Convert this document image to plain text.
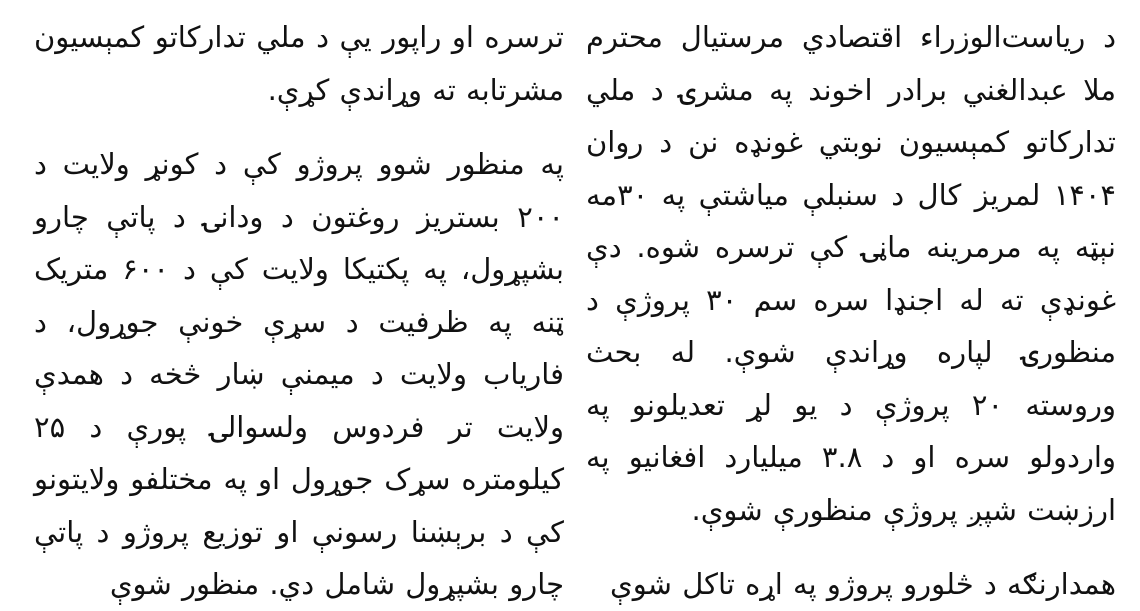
د ریاست‌الوزراء اقتصادي مرستیال محترم ملا عبدالغني برادر اخوند په مشرۍ د ملي تدارکاتو کمېسیون نوبتي غونډه نن د روان ۱۴۰۴ لمریز کال د سنبلې میاشتې په ۳۰مه نېټه په مرمرینه ماڼۍ کې ترسره شوه. دې غونډې ته له اجنډا سره سم ۳۰ پروژې د منظورۍ لپاره وړاندې شوې. له بحث وروسته ۲۰ پروژې د یو لړ تعدیلونو په واردولو سره او د ۳.۸ میلیارد افغانیو په ارزښت شپږ پروژې منظورې شوې.

همدارنګه د څلورو پروژو په اړه تاکل شوې

ترسره او راپور یې د ملي تدارکاتو کمېسیون مشرتابه ته وړاندې کړې.

په منظور شوو پروژو کې د کونړ ولایت د ۲۰۰ بستریز روغتون د ودانۍ د پاتې چارو بشپړول، په پکتیکا ولایت کې د ۶۰۰ متریک ټنه په ظرفیت د سړې خونې جوړول، د فاریاب ولایت د میمنې ښار څخه د همدې ولایت تر فردوس ولسوالۍ پورې د ۲۵ کیلومتره سړک جوړول او په مختلفو ولایتونو کې د برېښنا رسونې او توزیع پروژو د پاتې چارو بشپړول شامل دي. منظور شوې
